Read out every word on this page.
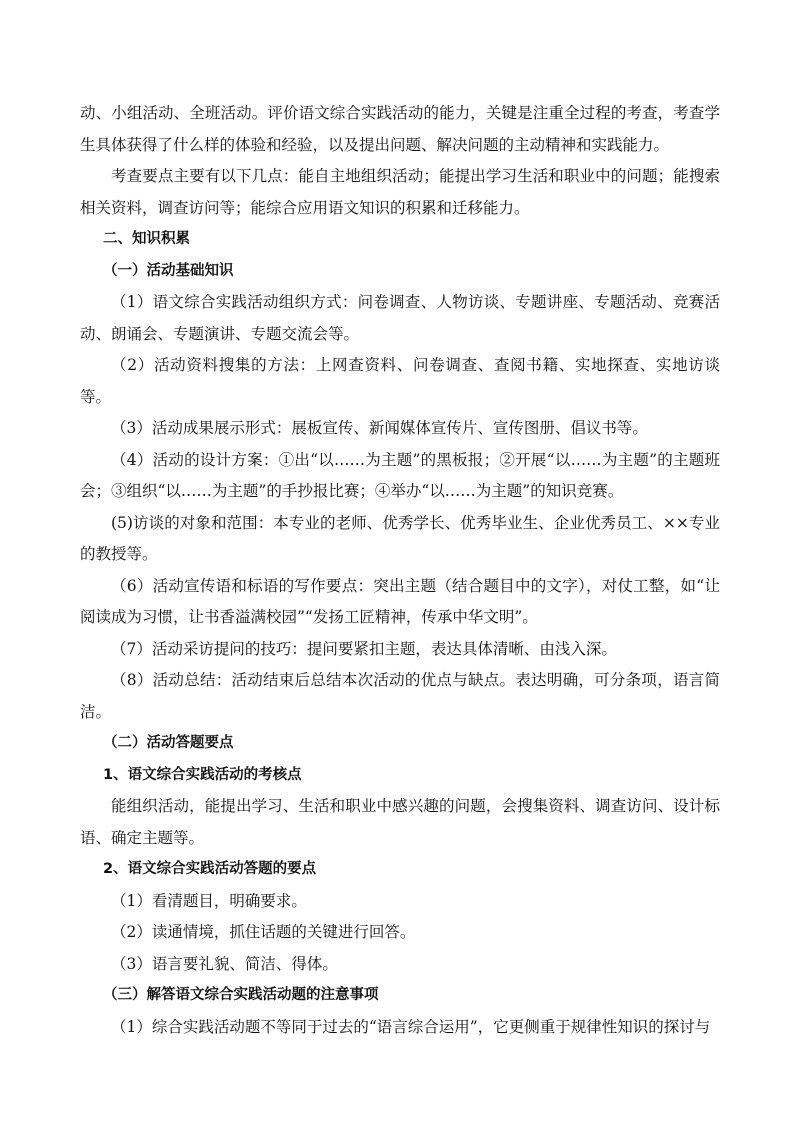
动、小组活动、全班活动。评价语文综合实践活动的能力，关键是注重全过程的考查，考查学生具体获得了什么样的体验和经验，以及提出问题、解决问题的主动精神和实践能力。

考查要点主要有以下几点：能自主地组织活动；能提出学习生活和职业中的问题；能搜索相关资料，调查访问等；能综合应用语文知识的积累和迁移能力。

二、知识积累

（一）活动基础知识

（1）语文综合实践活动组织方式：问卷调查、人物访谈、专题讲座、专题活动、竞赛活动、朗诵会、专题演讲、专题交流会等。

（2）活动资料搜集的方法：上网查资料、问卷调查、查阅书籍、实地探查、实地访谈等。

（3）活动成果展示形式：展板宣传、新闻媒体宣传片、宣传图册、倡议书等。

（4）活动的设计方案：①出“以……为主题”的黑板报；②开展“以……为主题”的主题班会；③组织“以……为主题”的手抄报比赛；④举办“以……为主题”的知识竞赛。

(5)访谈的对象和范围：本专业的老师、优秀学长、优秀毕业生、企业优秀员工、××专业的教授等。

（6）活动宣传语和标语的写作要点：突出主题（结合题目中的文字），对仗工整，如“让阅读成为习惯，让书香溢满校园”“发扬工匠精神，传承中华文明”。

（7）活动采访提问的技巧：提问要紧扣主题，表达具体清晰、由浅入深。

（8）活动总结：活动结束后总结本次活动的优点与缺点。表达明确，可分条项，语言简洁。

（二）活动答题要点

1、语文综合实践活动的考核点

能组织活动，能提出学习、生活和职业中感兴趣的问题，会搜集资料、调查访问、设计标语、确定主题等。

2、语文综合实践活动答题的要点

（1）看清题目，明确要求。

（2）读通情境，抓住话题的关键进行回答。

（3）语言要礼貌、简洁、得体。

（三）解答语文综合实践活动题的注意事项

（1）综合实践活动题不等同于过去的“语言综合运用”，它更侧重于规律性知识的探讨与
